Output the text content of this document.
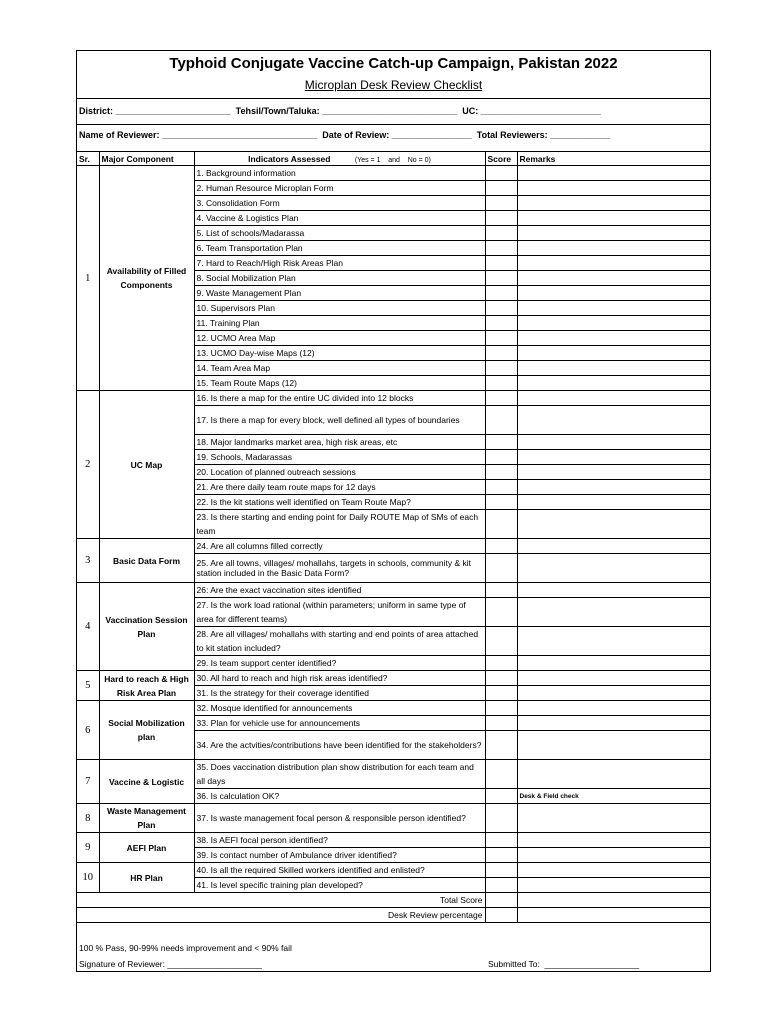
Typhoid Conjugate Vaccine Catch-up Campaign, Pakistan 2022
Microplan Desk Review Checklist
District: _______________________  Tehsil/Town/Taluka: ___________________________  UC: ________________________
Name of Reviewer: _______________________________  Date of Review: ________________  Total Reviewers: ____________
Sr.	Major Component	Indicators Assessed (Yes = 1    and    No = 0)	Score	Remarks
1	Availability of Filled Components	1. Background information		
		2. Human Resource Microplan Form		
		3. Consolidation Form		
		4. Vaccine & Logistics Plan		
		5. List of schools/Madarassa		
		6. Team Transportation Plan		
		7. Hard to Reach/High Risk Areas Plan		
		8. Social Mobilization Plan		
		9. Waste Management Plan		
		10. Supervisors Plan		
		11. Training Plan		
		12. UCMO Area Map		
		13. UCMO Day-wise Maps (12)		
		14. Team Area Map		
		15. Team Route Maps (12)		
2	UC Map	16. Is there a map for the entire UC divided into 12 blocks		
		17. Is there a map for every block, well defined all types of boundaries		
		18. Major landmarks market area, high risk areas, etc		
		19. Schools, Madarassas		
		20. Location of planned outreach sessions		
		21. Are there daily team route maps for 12 days		
		22. Is the kit stations well identified on Team Route Map?		
		23. Is there starting and ending point for Daily ROUTE Map of SMs of each team		
3	Basic Data Form	24. Are all columns filled correctly		
		25. Are all towns, villages/ mohallahs, targets in schools, community & kit station included in the Basic Data Form?		
4	Vaccination Session Plan	26: Are the exact vaccination sites identified		
		27. Is the work load rational (within parameters; uniform in same type of area for different teams)		
		28. Are all villages/ mohallahs with starting and end points of area attached to kit station included?		
		29. Is team support center identified?		
5	Hard to reach & High Risk Area Plan	30. All hard to reach and high risk areas identified?		
		31. Is the strategy for their coverage identified		
6	Social Mobilization plan	32. Mosque identified for announcements		
		33. Plan for vehicle use for announcements		
		34. Are the actvities/contributions have been identified for the stakeholders?		
7	Vaccine & Logistic	35. Does vaccination distribution plan show distribution for each team and all days		
		36. Is calculation OK?		Desk & Field check
8	Waste Management Plan	37. Is waste management focal person & responsible person identified?		
9	AEFI Plan	38. Is AEFI focal person identified?		
		39. Is contact number of Ambulance driver identified?		
10	HR Plan	40. Is all the required Skilled workers identified and enlisted?		
		41. Is level specific training plan developed?		
Total Score				
Desk Review percentage				
100 % Pass, 90-99% needs improvement and < 90% fail
Signature of Reviewer: ____________________	Submitted To:  ____________________
